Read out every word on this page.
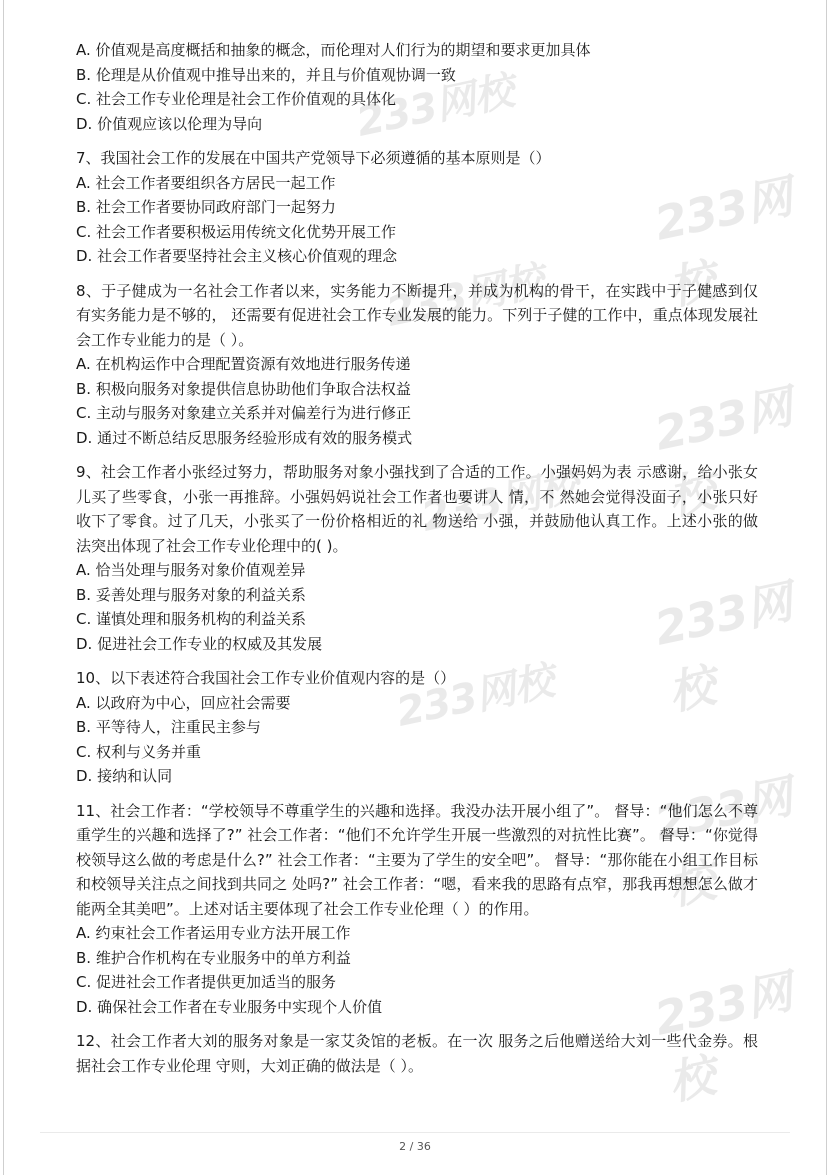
233网校
233网校
233网校
233网校
233网校
233网校
233网校
233网校
233网校
A. 价值观是高度概括和抽象的概念，而伦理对人们行为的期望和要求更加具体
B. 伦理是从价值观中推导出来的，并且与价值观协调一致
C. 社会工作专业伦理是社会工作价值观的具体化
D. 价值观应该以伦理为导向
7、我国社会工作的发展在中国共产党领导下必须遵循的基本原则是（）
A. 社会工作者要组织各方居民一起工作
B. 社会工作者要协同政府部门一起努力
C. 社会工作者要积极运用传统文化优势开展工作
D. 社会工作者要坚持社会主义核心价值观的理念
8、于子健成为一名社会工作者以来，实务能力不断提升，并成为机构的骨干，在实践中于子健感到仅有实务能力是不够的， 还需要有促进社会工作专业发展的能力。下列于子健的工作中，重点体现发展社会工作专业能力的是（ ）。
A. 在机构运作中合理配置资源有效地进行服务传递
B. 积极向服务对象提供信息协助他们争取合法权益
C. 主动与服务对象建立关系并对偏差行为进行修正
D. 通过不断总结反思服务经验形成有效的服务模式
9、社会工作者小张经过努力，帮助服务对象小强找到了合适的工作。小强妈妈为表 示感谢，给小张女儿买了些零食，小张一再推辞。小强妈妈说社会工作者也要讲人 情，不 然她会觉得没面子，小张只好收下了零食。过了几天，小张买了一份价格相近的礼 物送给 小强，并鼓励他认真工作。上述小张的做法突出体现了社会工作专业伦理中的( )。
A. 恰当处理与服务对象价值观差异
B. 妥善处理与服务对象的利益关系
C. 谨慎处理和服务机构的利益关系
D. 促进社会工作专业的权威及其发展
10、以下表述符合我国社会工作专业价值观内容的是（）
A. 以政府为中心，回应社会需要
B. 平等待人，注重民主参与
C. 权利与义务并重
D. 接纳和认同
11、社会工作者：“学校领导不尊重学生的兴趣和选择。我没办法开展小组了”。 督导：“他们怎么不尊重学生的兴趣和选择了?” 社会工作者：“他们不允许学生开展一些激烈的对抗性比赛”。 督导：“你觉得校领导这么做的考虑是什么?” 社会工作者：“主要为了学生的安全吧”。 督导：“那你能在小组工作目标和校领导关注点之间找到共同之 处吗?” 社会工作者：“嗯，看来我的思路有点窄，那我再想想怎么做才能两全其美吧”。上述对话主要体现了社会工作专业伦理（ ）的作用。
A. 约束社会工作者运用专业方法开展工作
B. 维护合作机构在专业服务中的单方利益
C. 促进社会工作者提供更加适当的服务
D. 确保社会工作者在专业服务中实现个人价值
12、社会工作者大刘的服务对象是一家艾灸馆的老板。在一次 服务之后他赠送给大刘一些代金券。根据社会工作专业伦理 守则，大刘正确的做法是（ ）。
2 / 36
